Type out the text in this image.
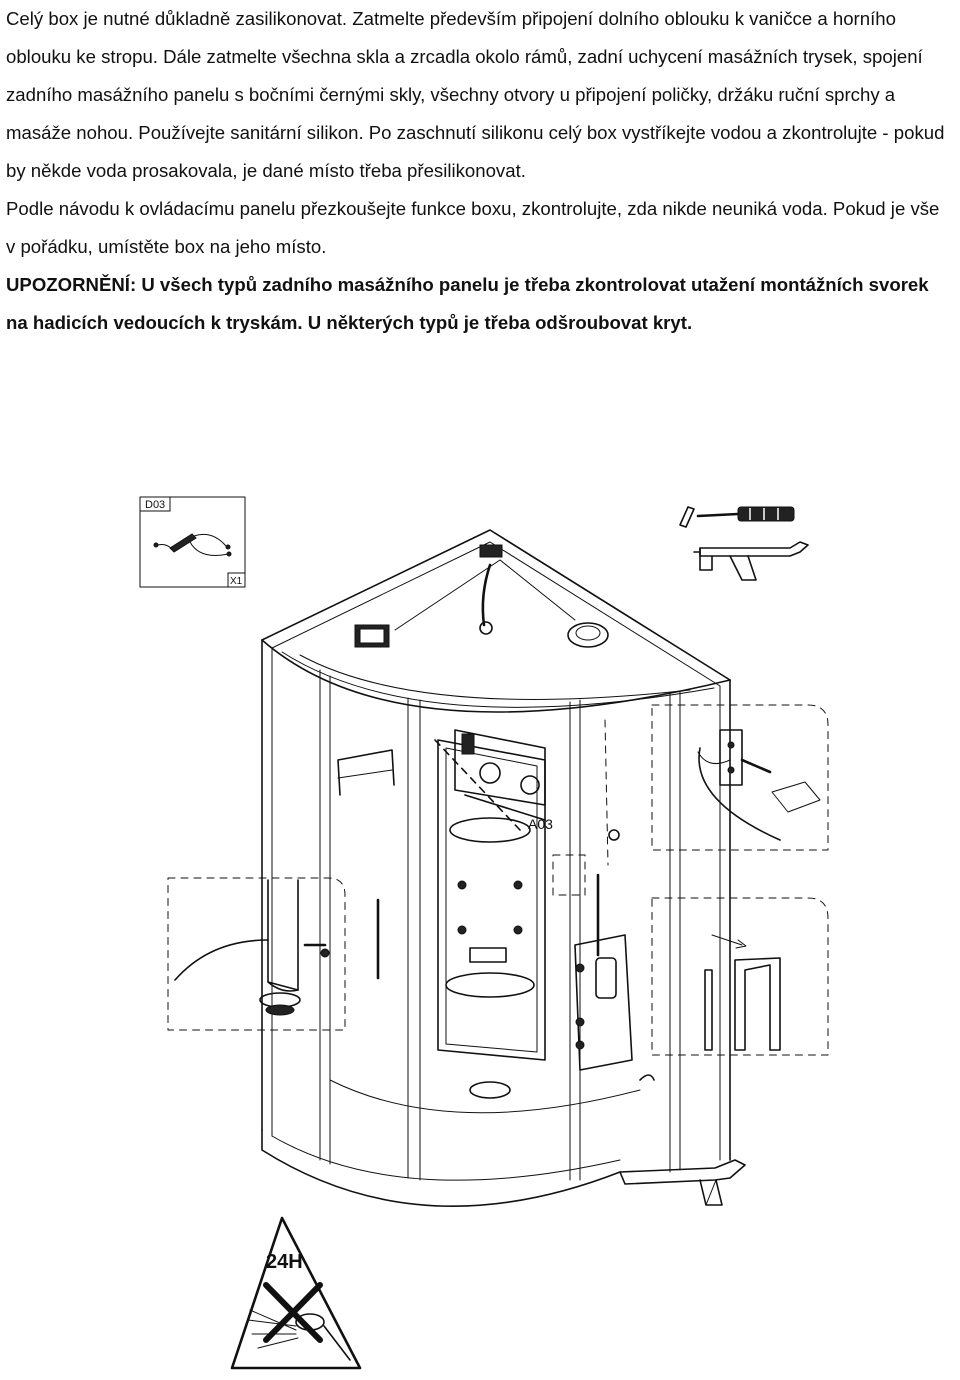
Celý box je nutné důkladně zasilikonovat. Zatmelte především připojení dolního oblouku k vaničce a horního oblouku ke stropu. Dále zatmelte všechna skla a zrcadla okolo rámů, zadní uchycení masážních trysek, spojení zadního masážního panelu s bočními černými skly, všechny otvory u připojení poličky, držáku ruční sprchy a masáže nohou. Používejte sanitární silikon. Po zaschnutí silikonu celý box vystříkejte vodou a zkontrolujte - pokud by někde voda prosakovala, je dané místo třeba přesilikonovat.

Podle návodu k ovládacímu panelu přezkoušejte funkce boxu, zkontrolujte, zda nikde neuniká voda. Pokud je vše v pořádku, umístěte box na jeho místo.

UPOZORNĚNÍ: U všech typů zadního masážního panelu je třeba zkontrolovat utažení montážních svorek na hadicích vedoucích k tryskám. U některých typů je třeba odšroubovat kryt.

D03
X1
A03
24H
